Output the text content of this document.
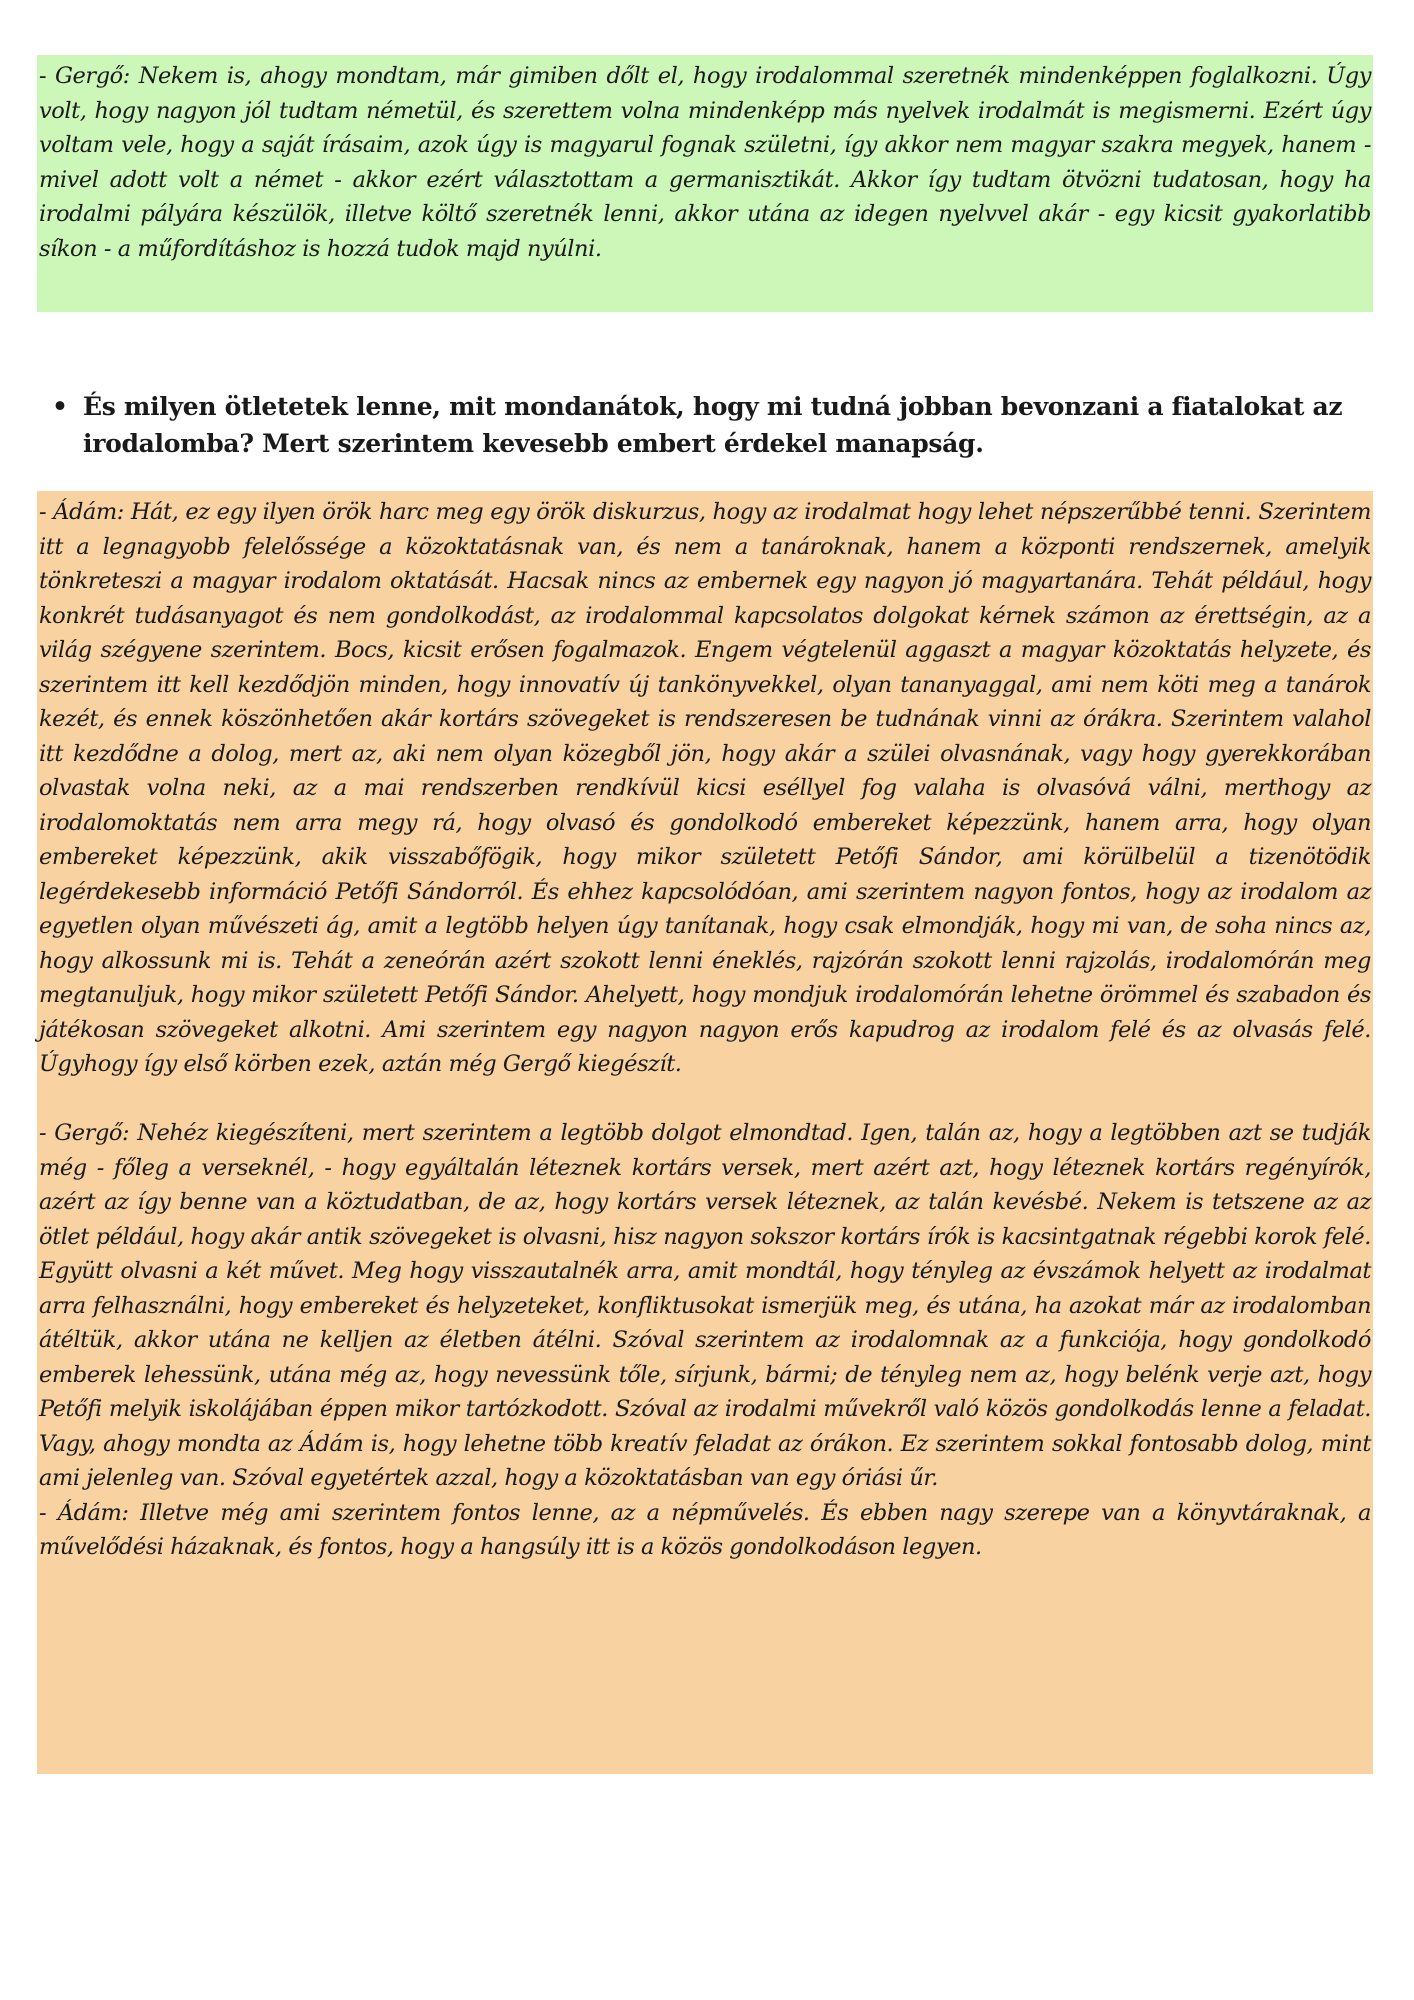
- Gergő: Nekem is, ahogy mondtam, már gimiben dőlt el, hogy irodalommal szeretnék mindenképpen foglalkozni. Úgy volt, hogy nagyon jól tudtam németül, és szerettem volna mindenképp más nyelvek irodalmát is megismerni. Ezért úgy voltam vele, hogy a saját írásaim, azok úgy is magyarul fognak születni, így akkor nem magyar szakra megyek, hanem - mivel adott volt a német - akkor ezért választottam a germanisztikát. Akkor így tudtam ötvözni tudatosan, hogy ha irodalmi pályára készülök, illetve költő szeretnék lenni, akkor utána az idegen nyelvvel akár - egy kicsit gyakorlatibb síkon - a műfordításhoz is hozzá tudok majd nyúlni.

• És milyen ötletetek lenne, mit mondanátok, hogy mi tudná jobban bevonzani a fiatalokat az irodalomba? Mert szerintem kevesebb embert érdekel manapság.

- Ádám: Hát, ez egy ilyen örök harc meg egy örök diskurzus, hogy az irodalmat hogy lehet népszerűbbé tenni. Szerintem itt a legnagyobb felelőssége a közoktatásnak van, és nem a tanároknak, hanem a központi rendszernek, amelyik tönkreteszi a magyar irodalom oktatását. Hacsak nincs az embernek egy nagyon jó magyartanára. Tehát például, hogy konkrét tudásanyagot és nem gondolkodást, az irodalommal kapcsolatos dolgokat kérnek számon az érettségin, az a világ szégyene szerintem. Bocs, kicsit erősen fogalmazok. Engem végtelenül aggaszt a magyar közoktatás helyzete, és szerintem itt kell kezdődjön minden, hogy innovatív új tankönyvekkel, olyan tananyaggal, ami nem köti meg a tanárok kezét, és ennek köszönhetően akár kortárs szövegeket is rendszeresen be tudnának vinni az órákra. Szerintem valahol itt kezdődne a dolog, mert az, aki nem olyan közegből jön, hogy akár a szülei olvasnának, vagy hogy gyerekkorában olvastak volna neki, az a mai rendszerben rendkívül kicsi eséllyel fog valaha is olvasóvá válni, merthogy az irodalomoktatás nem arra megy rá, hogy olvasó és gondolkodó embereket képezzünk, hanem arra, hogy olyan embereket képezzünk, akik visszabőfögik, hogy mikor született Petőfi Sándor, ami körülbelül a tizenötödik legérdekesebb információ Petőfi Sándorról. És ehhez kapcsolódóan, ami szerintem nagyon fontos, hogy az irodalom az egyetlen olyan művészeti ág, amit a legtöbb helyen úgy tanítanak, hogy csak elmondják, hogy mi van, de soha nincs az, hogy alkossunk mi is. Tehát a zeneórán azért szokott lenni éneklés, rajzórán szokott lenni rajzolás, irodalomórán meg megtanuljuk, hogy mikor született Petőfi Sándor. Ahelyett, hogy mondjuk irodalomórán lehetne örömmel és szabadon és játékosan szövegeket alkotni. Ami szerintem egy nagyon nagyon erős kapudrog az irodalom felé és az olvasás felé. Úgyhogy így első körben ezek, aztán még Gergő kiegészít.

- Gergő: Nehéz kiegészíteni, mert szerintem a legtöbb dolgot elmondtad. Igen, talán az, hogy a legtöbben azt se tudják még - főleg a verseknél, - hogy egyáltalán léteznek kortárs versek, mert azért azt, hogy léteznek kortárs regényírók, azért az így benne van a köztudatban, de az, hogy kortárs versek léteznek, az talán kevésbé. Nekem is tetszene az az ötlet például, hogy akár antik szövegeket is olvasni, hisz nagyon sokszor kortárs írók is kacsintgatnak régebbi korok felé. Együtt olvasni a két művet. Meg hogy visszautalnék arra, amit mondtál, hogy tényleg az évszámok helyett az irodalmat arra felhasználni, hogy embereket és helyzeteket, konfliktusokat ismerjük meg, és utána, ha azokat már az irodalomban átéltük, akkor utána ne kelljen az életben átélni. Szóval szerintem az irodalomnak az a funkciója, hogy gondolkodó emberek lehessünk, utána még az, hogy nevessünk tőle, sírjunk, bármi; de tényleg nem az, hogy belénk verje azt, hogy Petőfi melyik iskolájában éppen mikor tartózkodott. Szóval az irodalmi művekről való közös gondolkodás lenne a feladat. Vagy, ahogy mondta az Ádám is, hogy lehetne több kreatív feladat az órákon. Ez szerintem sokkal fontosabb dolog, mint ami jelenleg van. Szóval egyetértek azzal, hogy a közoktatásban van egy óriási űr.

- Ádám: Illetve még ami szerintem fontos lenne, az a népművelés. És ebben nagy szerepe van a könyvtáraknak, a művelődési házaknak, és fontos, hogy a hangsúly itt is a közös gondolkodáson legyen.
